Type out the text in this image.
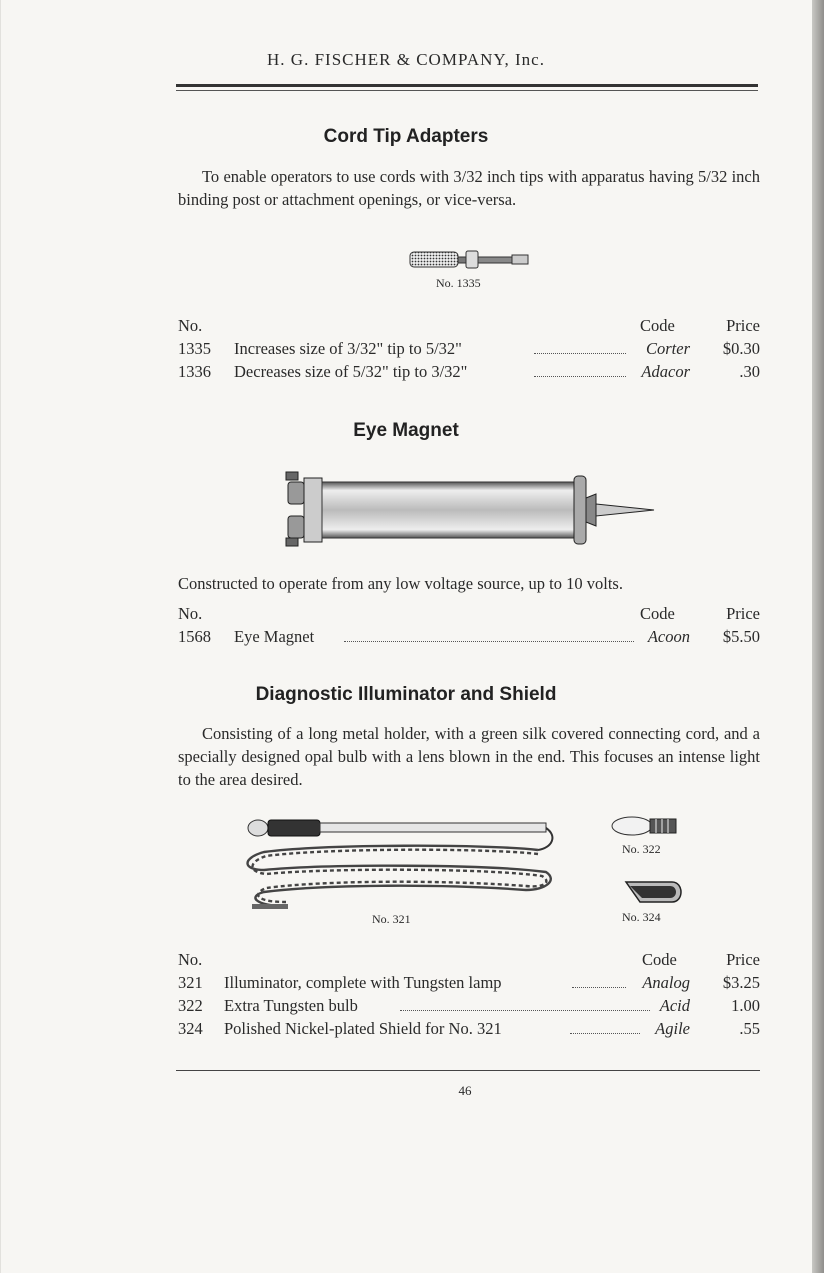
H. G. FISCHER & COMPANY, Inc.
Cord Tip Adapters
To enable operators to use cords with 3/32 inch tips with apparatus having 5/32 inch binding post or attachment openings, or vice-versa.
No. 1335
No.	Code	Price
1335 Increases size of 3/32" tip to 5/32"	Corter $0.30
1336 Decreases size of 5/32" tip to 3/32"	Adacor	.30
Eye Magnet
Constructed to operate from any low voltage source, up to 10 volts.
No.	Code	Price
1568 Eye Magnet	Acoon $5.50
Diagnostic Illuminator and Shield
Consisting of a long metal holder, with a green silk covered connecting cord, and a specially designed opal bulb with a lens blown in the end. This focuses an intense light to the area desired.
No. 321
No. 322
No. 324
No.	Code	Price
321 Illuminator, complete with Tungsten lamp	Analog $3.25
322 Extra Tungsten bulb	Acid 1.00
324 Polished Nickel-plated Shield for No. 321	Agile	.55
46
